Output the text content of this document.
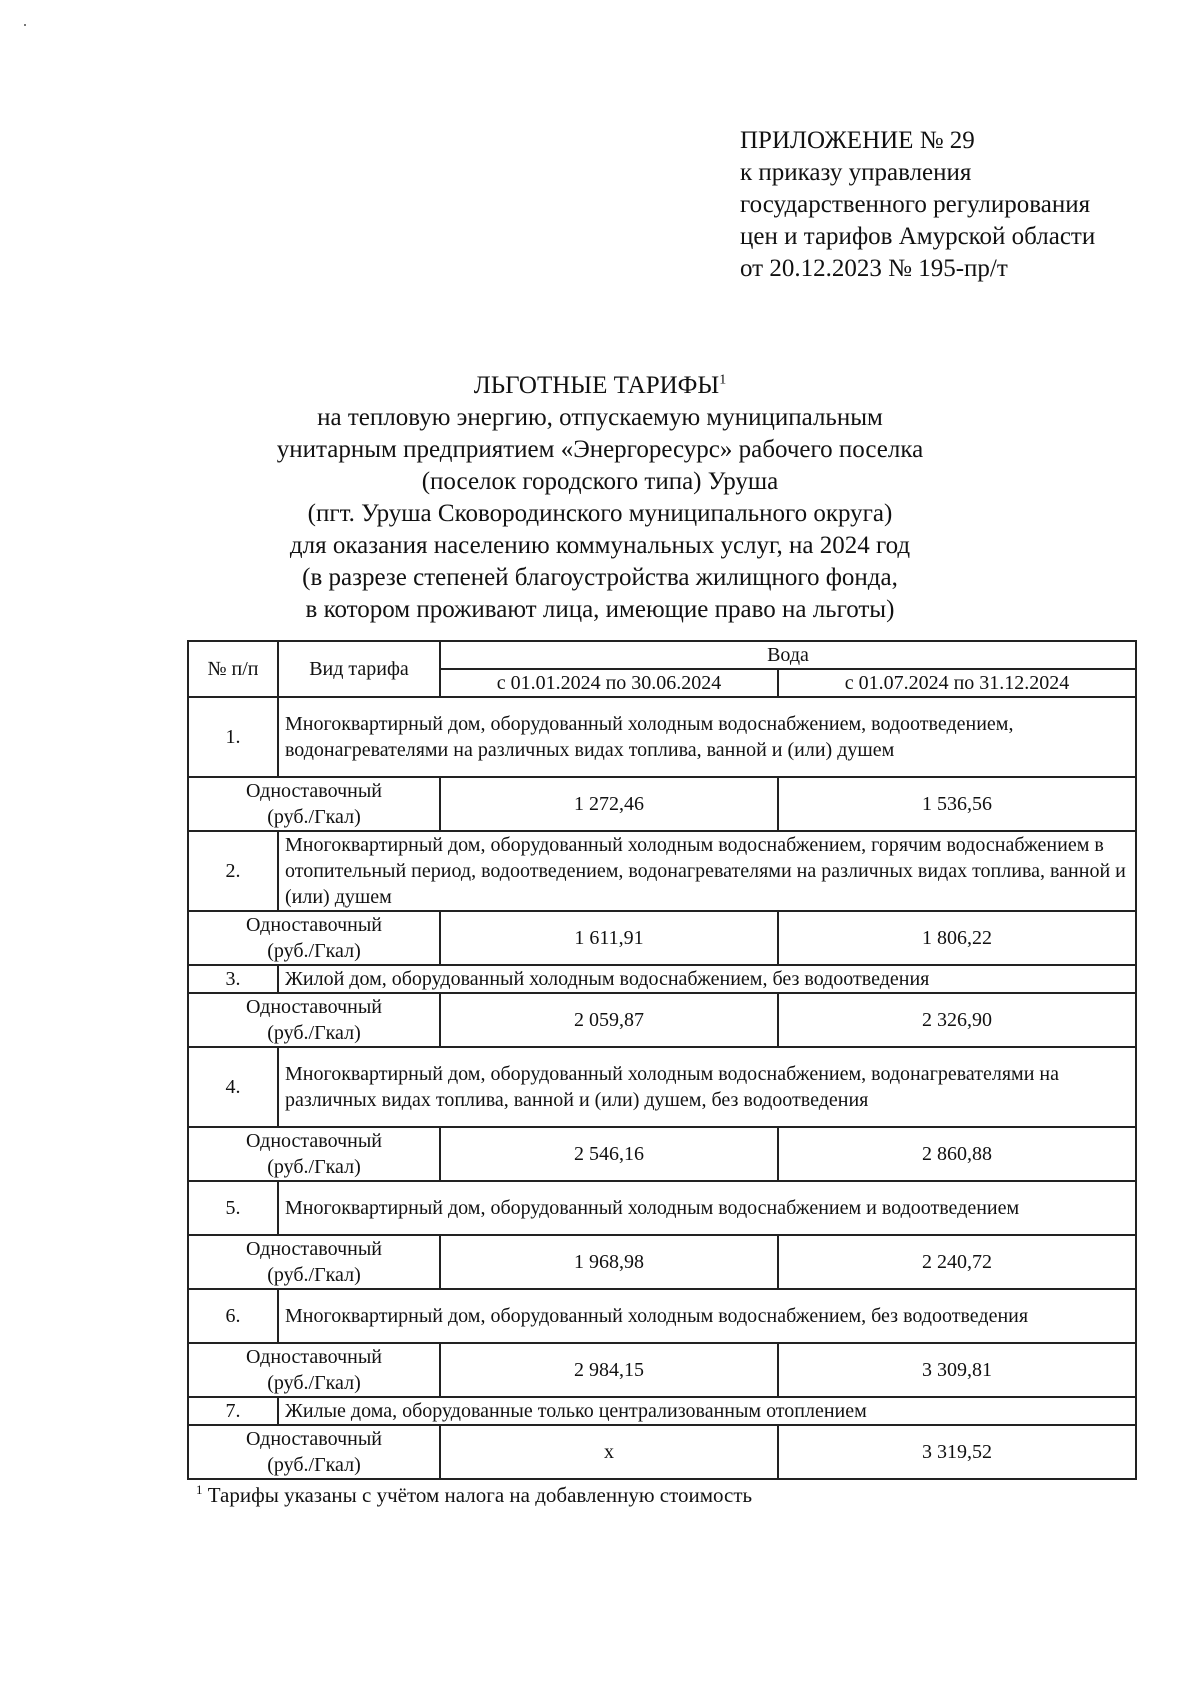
ПРИЛОЖЕНИЕ № 29
к приказу управления
государственного регулирования
цен и тарифов Амурской области
от 20.12.2023 № 195-пр/т
ЛЬГОТНЫЕ ТАРИФЫ$^1$
на тепловую энергию, отпускаемую муниципальным
унитарным предприятием «Энергоресурс» рабочего поселка
(поселок городского типа) Уруша
(пгт. Уруша Сковородинского муниципального округа)
для оказания населению коммунальных услуг, на 2024 год
(в разрезе степеней благоустройства жилищного фонда,
в котором проживают лица, имеющие право на льготы)
№ п/п	Вид тарифа	Вода	
		с 01.01.2024 по 30.06.2024	с 01.07.2024 по 31.12.2024
1.	Многоквартирный дом, оборудованный холодным водоснабжением, водоотведением, водонагревателями на различных видах топлива, ванной и (или) душем		
Одноставочный
(руб./Гкал)		1 272,46	1 536,56
2.	Многоквартирный дом, оборудованный холодным водоснабжением, горячим водоснабжением в отопительный период, водоотведением, водонагревателями на различных видах топлива, ванной и (или) душем		
Одноставочный
(руб./Гкал)		1 611,91	1 806,22
3.	Жилой дом, оборудованный холодным водоснабжением, без водоотведения		
Одноставочный
(руб./Гкал)		2 059,87	2 326,90
4.	Многоквартирный дом, оборудованный холодным водоснабжением, водонагревателями на различных видах топлива, ванной и (или) душем, без водоотведения		
Одноставочный
(руб./Гкал)		2 546,16	2 860,88
5.	Многоквартирный дом, оборудованный холодным водоснабжением и водоотведением		
Одноставочный
(руб./Гкал)		1 968,98	2 240,72
6.	Многоквартирный дом, оборудованный холодным водоснабжением, без водоотведения		
Одноставочный
(руб./Гкал)		2 984,15	3 309,81
7.	Жилые дома, оборудованные только централизованным отоплением		
Одноставочный
(руб./Гкал)		x	3 319,52
$^1$ Тарифы указаны с учётом налога на добавленную стоимость
